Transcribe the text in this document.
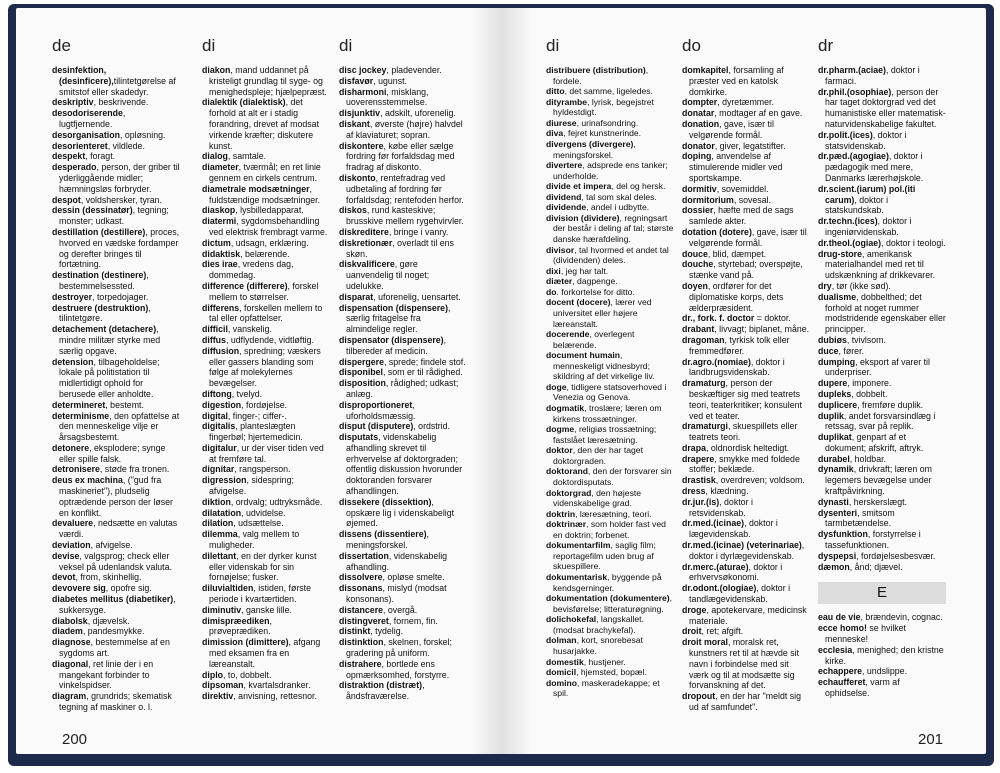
de	di	di

desinfektion, (desinficere),tilintetgørelse af smitstof eller skadedyr.

deskriptiv, beskrivende.

desodoriserende, lugtfjernende.

desorganisation, opløsning.

desorienteret, vildlede.

despekt, foragt.

desperado, person, der griber til yderliggående midler; hæmningsløs forbryder.

despot, voldshersker, tyran.

dessin (dessinatør), tegning; monster; udkast.

destillation (destillere), proces, hvorved en vædske fordamper og derefter bringes til fortætning.

destination (destinere), bestemmelsessted.

destroyer, torpedojager.

destruere (destruktion), tilintetgøre.

detachement (detachere), mindre militær styrke med særlig opgave.

detension, tilbageholdelse; lokale på politistation til midlertidigt ophold for berusede eller anholdte.

determineret, bestemt.

determinisme, den opfattelse at den menneskelige vilje er årsagsbestemt.

detonere, eksplodere; synge eller spille falsk.

detronisere, støde fra tronen.

deus ex machina, ("gud fra maskineriet"), pludselig optrædende person der løser en konflikt.

devaluere, nedsætte en valutas værdi.

deviation, afvigelse.

devise, valgsprog; check eller veksel på udenlandsk valuta.

devot, from, skinhellig.

devovere sig, opofre sig.

diabetes mellitus (diabetiker), sukkersyge.

diabolsk, djævelsk.

diadem, pandesmykke.

diagnose, bestemmelse af en sygdoms art.

diagonal, ret linie der i en mangekant forbinder to vinkelspidser.

diagram, grundrids; skematisk tegning af maskiner o. l.

diakon, mand uddannet på kristeligt grundlag til syge- og menighedspleje; hjælpepræst.

dialektik (dialektisk), det forhold at alt er i stadig forandring, drevet af modsat virkende kræfter; diskutere kunst.

dialog, samtale.

diameter, tværmål; en ret linie gennem en cirkels centrum.

diametrale modsætninger, fuldstændige modsætninger.

diaskop, lysbilledapparat.

diatermi, sygdomsbehandling ved elektrisk frembragt varme.

dictum, udsagn, erklæring.

didaktisk, belærende.

dies irae, vredens dag, dommedag.

difference (differere), forskel mellem to størrelser.

differens, forskellen mellem to tal eller opfattelser.

difficil, vanskelig.

diffus, udflydende, vidtløftig.

diffusion, spredning; væskers eller gassers blanding som følge af molekylernes bevægelser.

diftong, tvelyd.

digestion, fordøjelse.

digital, finger-; ciffer-.

digitalis, planteslægten fingerbøl; hjertemedicin.

digitalur, ur der viser tiden ved at fremføre tal.

dignitar, rangsperson.

digression, sidespring; afvigelse.

diktion, ordvalg; udtryksmåde.

dilatation, udvidelse.

dilation, udsættelse.

dilemma, valg mellem to muligheder.

dilettant, en der dyrker kunst eller videnskab for sin fornøjelse; fusker.

diluvialtiden, istiden, første periode i kvartærtiden.

diminutiv, ganske lille.

dimispræediken, prøveprædiken.

dimission (dimittere), afgang med eksamen fra en læreanstalt.

diplo, to, dobbelt.

dipsoman, kvartalsdranker.

direktiv, anvisning, rettesnor.

disc jockey, pladevender.

disfavør, ugunst.

disharmoni, misklang, uoverensstemmelse.

disjunktiv, adskilt, uforenelig.

diskant, øverste (højre) halvdel af klaviaturet; sopran.

diskontere, købe eller sælge fordring før forfaldsdag med fradrag af diskonto.

diskonto, rentefradrag ved udbetaling af fordring før forfaldsdag; rentefoden herfor.

diskos, rund kasteskive; brusskive mellem rygehvirvler.

diskreditere, bringe i vanry.

diskretionær, overladt til ens skøn.

diskvalificere, gøre uanvendelig til noget; udelukke.

disparat, uforenelig, uensartet.

dispensation (dispensere), særlig fritagelse fra almindelige regler.

dispensator (dispensere), tilbereder af medicin.

dispergere, sprede; findele stof.

disponibel, som er til rådighed.

disposition, rådighed; udkast; anlæg.

disproportioneret, uforholdsmæssig.

disput (disputere), ordstrid.

disputats, videnskabelig afhandling skrevet til erhvervelse af doktorgraden; offentlig diskussion hvorunder doktoranden forsvarer afhandlingen.

dissekere (dissektion), opskære lig i videnskabeligt øjemed.

dissens (dissentiere), meningsforskel.

dissertation, videnskabelig afhandling.

dissolvere, opløse smelte.

dissonans, mislyd (modsat konsonans).

distancere, overgå.

distingveret, fornem, fin.

distinkt, tydelig.

distinktion, skelnen, forskel; gradering på uniform.

distrahere, bortlede ens opmærksomhed, forstyrre.

distraktion (distræt), åndsfraværelse.

200
di	do	dr

distribuere (distribution), fordele.

ditto, det samme, ligeledes.

dityrambe, lyrisk, begejstret hyldestdigt.

diurese, urinafsondring.

diva, fejret kunstnerinde.

divergens (divergere), meningsforskel.

divertere, adsprede ens tanker; underholde.

divide et impera, del og hersk.

dividend, tal som skal deles.

dividende, andel i udbytte.

division (dividere), regningsart der består i deling af tal; største danske hærafdeling.

divisor, tal hvormed et andet tal (dividenden) deles.

dixi, jeg har talt.

diæter, dagpenge.

do. forkortelse for ditto.

docent (docere), lærer ved universitet eller højere læreanstalt.

docerende, overlegent belærende.

document humain, menneskeligt vidnesbyrd; skildring af det virkelige liv.

doge, tidligere statsoverhoved i Venezia og Genova.

dogmatik, troslære; læren om kirkens trossætninger.

dogme, religiøs trossætning; fastslået læresætning.

doktor, den der har taget doktorgraden.

doktorand, den der forsvarer sin doktordisputats.

doktorgrad, den højeste videnskabelige grad.

doktrin, læresætning, teori.

doktrinær, som holder fast ved en doktrin; forbenet.

dokumentarfilm, saglig film; reportagefilm uden brug af skuespillere.

dokumentarisk, byggende på kendsgerninger.

dokumentation (dokumentere), bevisførelse; litteraturøgning.

dolichokefal, langskallet. (modsat brachykefal).

dolman, kort, snorebesat husarjakke.

domestik, hustjener.

domicil, hjemsted, bopæl.

domino, maskeradekappe; et spil.

domkapitel, forsamling af præster ved en katolsk domkirke.

dompter, dyretæmmer.

donatar, modtager af en gave.

donation, gave, især til velgørende formål.

donator, giver, legatstifter.

doping, anvendelse af stimulerende midler ved sportskampe.

dormitiv, sovemiddel.

dormitorium, sovesal.

dossier, hæfte med de sags samlede akter.

dotation (dotere), gave, især til velgørende formål.

douce, blid, dæmpet.

douche, styrtebad; overspøjte, stænke vand på.

doyen, ordfører for det diplomatiske korps, dets ælderpræsident.

dr., fork. f. doctor = doktor.

drabant, livvagt; biplanet, måne.

dragoman, tyrkisk tolk eller fremmedfører.

dr.agro.(nomiae), doktor i landbrugsvidenskab.

dramaturg, person der beskæftiger sig med teatrets teori, teaterkritiker; konsulent ved et teater.

dramaturgi, skuespillets eller teatrets teori.

drapa, oldnordisk heltedigt.

drapere, smykke med foldede stoffer; beklæde.

drastisk, overdreven; voldsom.

dress, klædning.

dr.jur.(is), doktor i retsvidenskab.

dr.med.(icinae), doktor i lægevidenskab.

dr.med.(icinae) (veterinariae), doktor i dyrlægevidenskab.

dr.merc.(aturae), doktor i erhvervsøkonomi.

dr.odont.(ologiae), doktor i tandlægevidenskab.

droge, apotekervare, medicinsk materiale.

droit, ret; afgift.

droit moral, moralsk ret, kunstners ret til at hævde sit navn i forbindelse med sit værk og til at modsætte sig forvanskning af det.

dropout, en der har "meldt sig ud af samfundet".

dr.pharm.(aciae), doktor i farmaci.

dr.phil.(osophiae), person der har taget doktorgrad ved det humanistiske eller matematisk-naturvidenskabelige fakultet.

dr.polit.(ices), doktor i statsvidenskab.

dr.pæd.(agogiae), doktor i pædagogik med mere, Danmarks lærerhøjskole.

dr.scient.(iarum) pol.(iti carum), doktor i statskundskab.

dr.techn.(ices), doktor i ingeniørvidenskab.

dr.theol.(ogiae), doktor i teologi.

drug-store, amerikansk materialhandel med ret til udskænkning af drikkevarer.

dry, tør (ikke sød).

dualisme, dobbelthed; det forhold at noget rummer modstridende egenskaber eller principper.

dubiøs, tvivlsom.

duce, fører.

dumping, eksport af varer til underpriser.

dupere, imponere.

dupleks, dobbelt.

duplicere, fremføre duplik.

duplik, andet forsvarsindlæg i retssag, svar på replik.

duplikat, genpart af et dokument; afskrift, aftryk.

durabel, holdbar.

dynamik, drivkraft; læren om legemers bevægelse under kraftpåvirkning.

dynasti, herskerslægt.

dysenteri, smitsom tarmbetændelse.

dysfunktion, forstyrrelse i tassefunktionen.

dyspepsi, fordøjelsesbesvær.

dæmon, ånd; djævel.

E

eau de vie, brændevin, cognac.

ecce homo! se hvilket menneske!

ecclesia, menighed; den kristne kirke.

echappere, undslippe.

echaufferet, varm af ophidselse.

201
